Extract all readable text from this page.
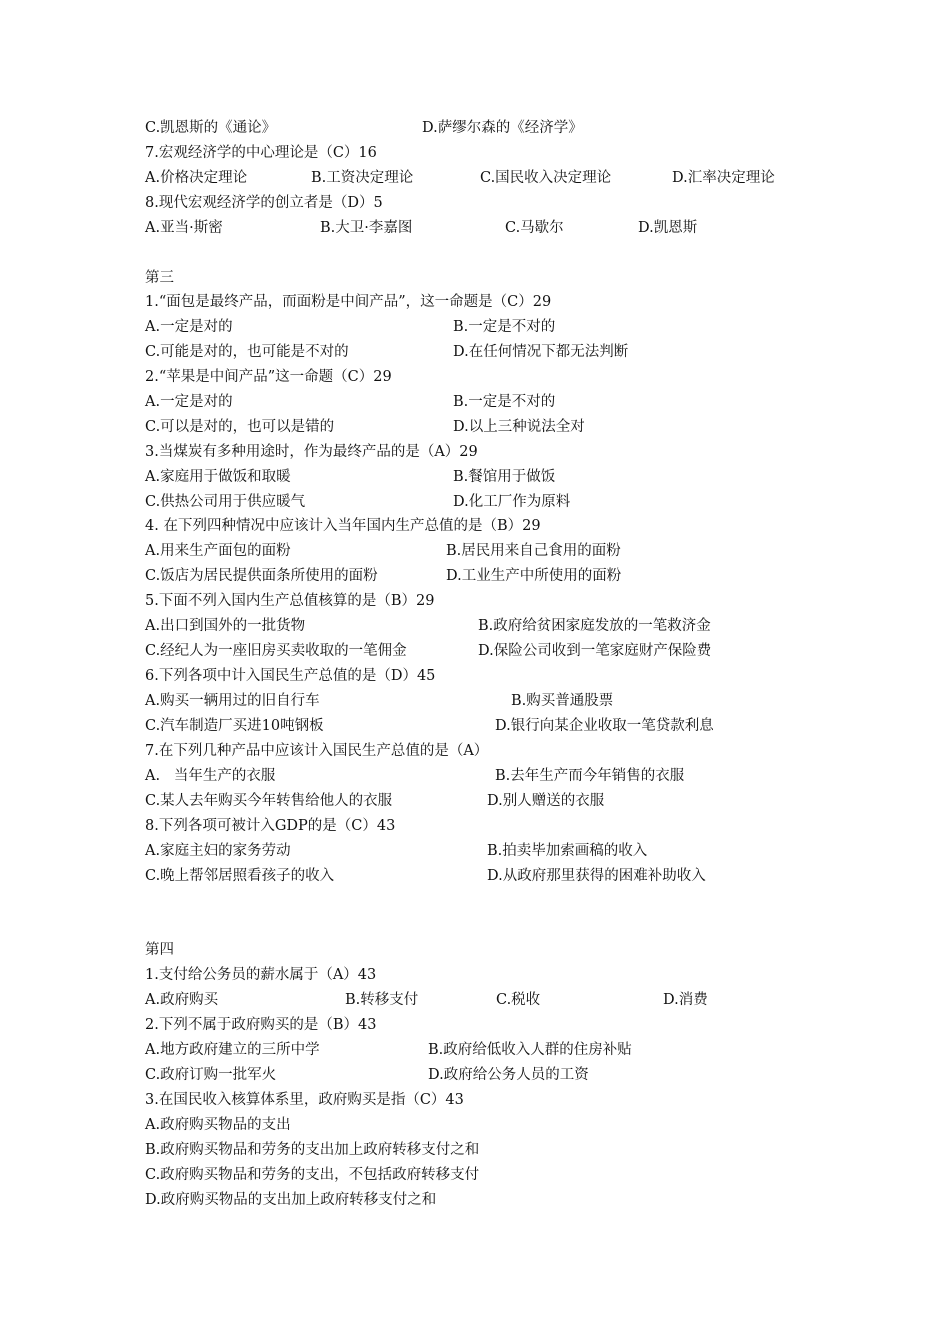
C.凯恩斯的《通论》	D.萨缪尔森的《经济学》
7.宏观经济学的中心理论是（C）16
A.价格决定理论	B.工资决定理论	C.国民收入决定理论	D.汇率决定理论
8.现代宏观经济学的创立者是（D）5
A.亚当·斯密	B.大卫·李嘉图	C.马歇尔	D.凯恩斯
第三
1.“面包是最终产品，而面粉是中间产品”，这一命题是（C）29
A.一定是对的	B.一定是不对的
C.可能是对的，也可能是不对的	D.在任何情况下都无法判断
2.“苹果是中间产品”这一命题（C）29
A.一定是对的	B.一定是不对的
C.可以是对的，也可以是错的	D.以上三种说法全对
3.当煤炭有多种用途时，作为最终产品的是（A）29
A.家庭用于做饭和取暖	B.餐馆用于做饭
C.供热公司用于供应暖气	D.化工厂作为原料
4. 在下列四种情况中应该计入当年国内生产总值的是（B）29
A.用来生产面包的面粉	B.居民用来自己食用的面粉
C.饭店为居民提供面条所使用的面粉	D.工业生产中所使用的面粉
5.下面不列入国内生产总值核算的是（B）29
A.出口到国外的一批货物	B.政府给贫困家庭发放的一笔救济金
C.经纪人为一座旧房买卖收取的一笔佣金	D.保险公司收到一笔家庭财产保险费
6.下列各项中计入国民生产总值的是（D）45
A.购买一辆用过的旧自行车	B.购买普通股票
C.汽车制造厂买进10吨钢板	D.银行向某企业收取一笔贷款利息
7.在下列几种产品中应该计入国民生产总值的是（A）
A.   当年生产的衣服	B.去年生产而今年销售的衣服
C.某人去年购买今年转售给他人的衣服	D.别人赠送的衣服
8.下列各项可被计入GDP的是（C）43
A.家庭主妇的家务劳动	B.拍卖毕加索画稿的收入
C.晚上帮邻居照看孩子的收入	D.从政府那里获得的困难补助收入
第四
1.支付给公务员的薪水属于（A）43
A.政府购买	B.转移支付	C.税收	D.消费
2.下列不属于政府购买的是（B）43
A.地方政府建立的三所中学	B.政府给低收入人群的住房补贴
C.政府订购一批军火	D.政府给公务人员的工资
3.在国民收入核算体系里，政府购买是指（C）43
A.政府购买物品的支出
B.政府购买物品和劳务的支出加上政府转移支付之和
C.政府购买物品和劳务的支出，不包括政府转移支付
D.政府购买物品的支出加上政府转移支付之和
